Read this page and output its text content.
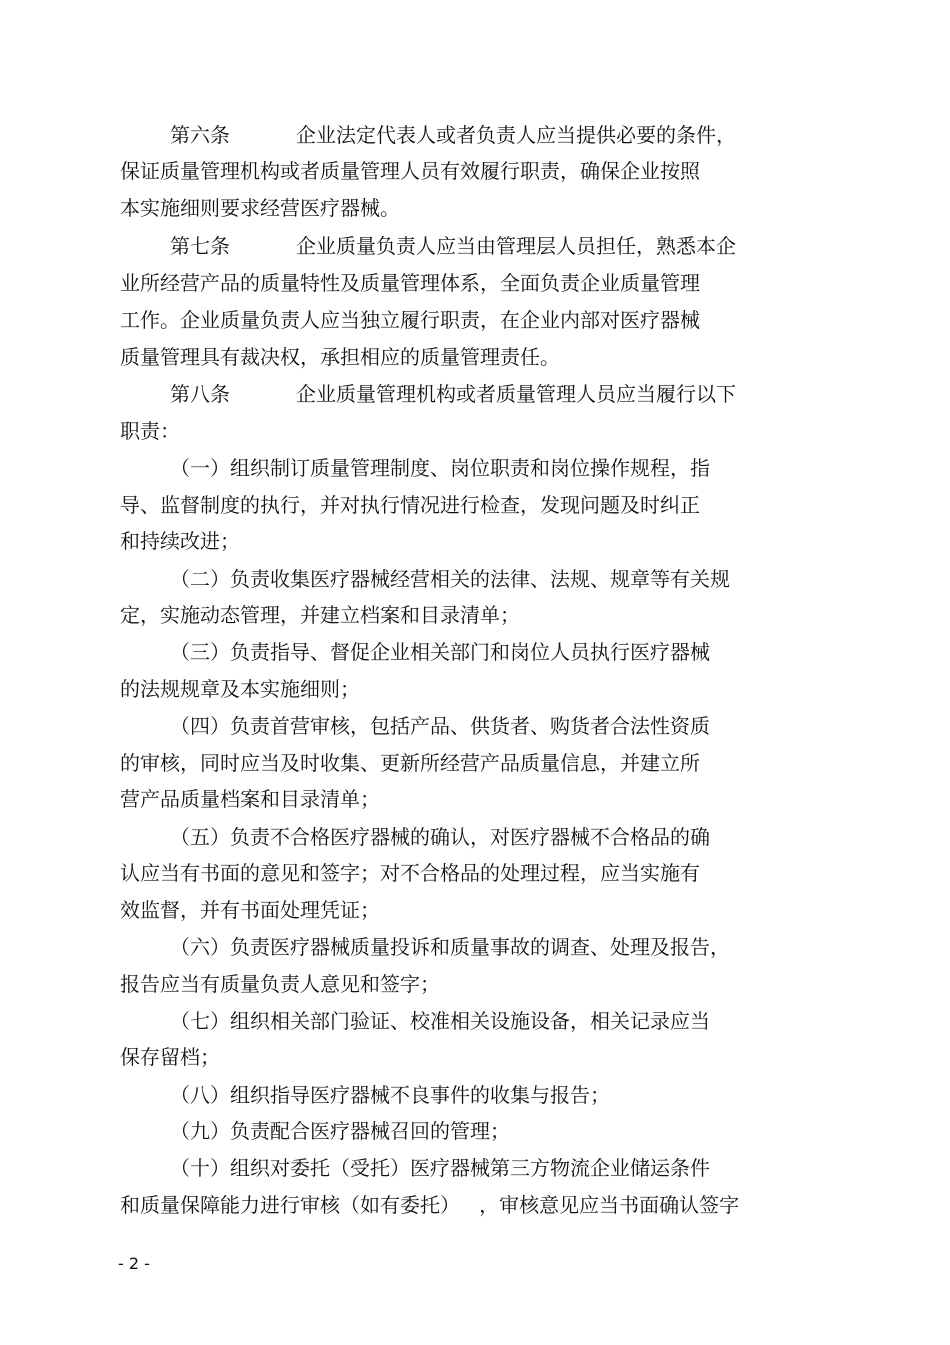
第六条	企业法定代表人或者负责人应当提供必要的条件，
保证质量管理机构或者质量管理人员有效履行职责，确保企业按照
本实施细则要求经营医疗器械。
第七条	企业质量负责人应当由管理层人员担任，熟悉本企
业所经营产品的质量特性及质量管理体系，全面负责企业质量管理
工作。企业质量负责人应当独立履行职责，在企业内部对医疗器械
质量管理具有裁决权，承担相应的质量管理责任。
第八条	企业质量管理机构或者质量管理人员应当履行以下
职责：
（一）组织制订质量管理制度、岗位职责和岗位操作规程，指
导、监督制度的执行，并对执行情况进行检查，发现问题及时纠正
和持续改进；
（二）负责收集医疗器械经营相关的法律、法规、规章等有关规
定，实施动态管理，并建立档案和目录清单；
（三）负责指导、督促企业相关部门和岗位人员执行医疗器械
的法规规章及本实施细则；
（四）负责首营审核，包括产品、供货者、购货者合法性资质
的审核，同时应当及时收集、更新所经营产品质量信息，并建立所
营产品质量档案和目录清单；
（五）负责不合格医疗器械的确认，对医疗器械不合格品的确
认应当有书面的意见和签字；对不合格品的处理过程，应当实施有
效监督，并有书面处理凭证；
（六）负责医疗器械质量投诉和质量事故的调查、处理及报告，
报告应当有质量负责人意见和签字；
（七）组织相关部门验证、校准相关设施设备，相关记录应当
保存留档；
（八）组织指导医疗器械不良事件的收集与报告；
（九）负责配合医疗器械召回的管理；
（十）组织对委托（受托）医疗器械第三方物流企业储运条件
和质量保障能力进行审核（如有委托）   ，审核意见应当书面确认签字
- 2 -
